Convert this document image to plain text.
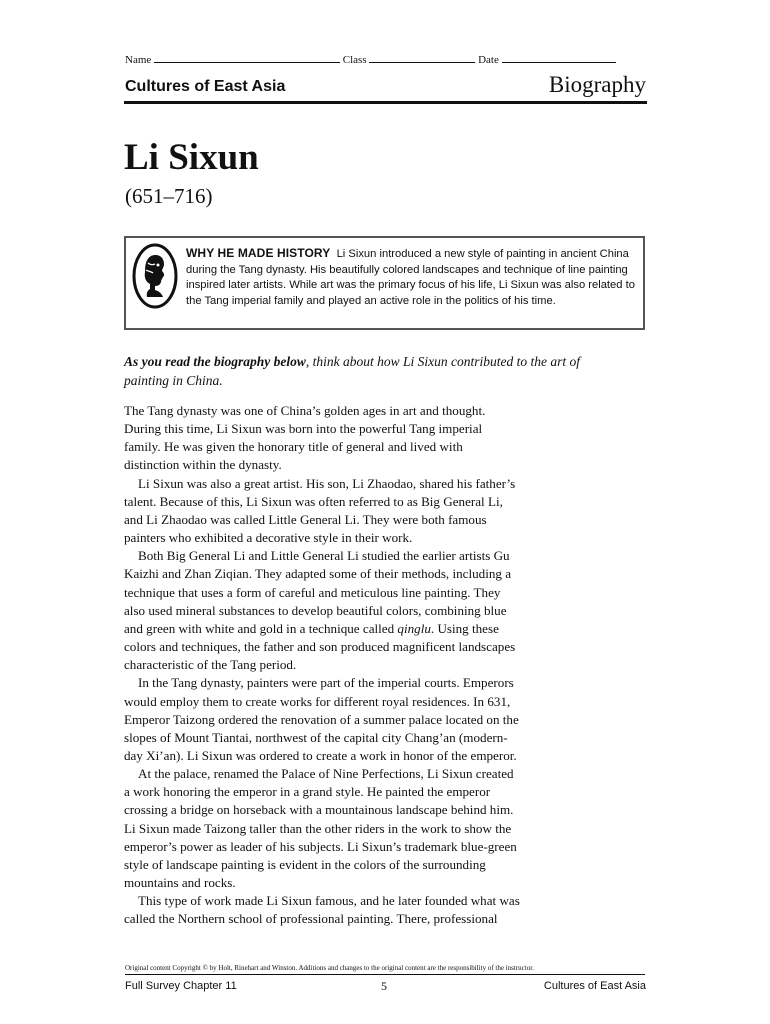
Name	Class	Date
Cultures of East Asia	Biography
Li Sixun
(651–716)
WHY HE MADE HISTORY Li Sixun introduced a new style of painting in ancient China during the Tang dynasty. His beautifully colored landscapes and technique of line painting inspired later artists. While art was the primary focus of his life, Li Sixun was also related to the Tang imperial family and played an active role in the politics of his time.
As you read the biography below, think about how Li Sixun contributed to the art of painting in China.
The Tang dynasty was one of China’s golden ages in art and thought.
During this time, Li Sixun was born into the powerful Tang imperial
family. He was given the honorary title of general and lived with
distinction within the dynasty.
Li Sixun was also a great artist. His son, Li Zhaodao, shared his father’s
talent. Because of this, Li Sixun was often referred to as Big General Li,
and Li Zhaodao was called Little General Li. They were both famous
painters who exhibited a decorative style in their work.
Both Big General Li and Little General Li studied the earlier artists Gu
Kaizhi and Zhan Ziqian. They adapted some of their methods, including a
technique that uses a form of careful and meticulous line painting. They
also used mineral substances to develop beautiful colors, combining blue
and green with white and gold in a technique called qinglu. Using these
colors and techniques, the father and son produced magnificent landscapes
characteristic of the Tang period.
In the Tang dynasty, painters were part of the imperial courts. Emperors
would employ them to create works for different royal residences. In 631,
Emperor Taizong ordered the renovation of a summer palace located on the
slopes of Mount Tiantai, northwest of the capital city Chang’an (modern-
day Xi’an). Li Sixun was ordered to create a work in honor of the emperor.
At the palace, renamed the Palace of Nine Perfections, Li Sixun created
a work honoring the emperor in a grand style. He painted the emperor
crossing a bridge on horseback with a mountainous landscape behind him.
Li Sixun made Taizong taller than the other riders in the work to show the
emperor’s power as leader of his subjects. Li Sixun’s trademark blue-green
style of landscape painting is evident in the colors of the surrounding
mountains and rocks.
This type of work made Li Sixun famous, and he later founded what was
called the Northern school of professional painting. There, professional
Original content Copyright © by Holt, Rinehart and Winston. Additions and changes to the original content are the responsibility of the instructor.
Full Survey Chapter 11	5	Cultures of East Asia
